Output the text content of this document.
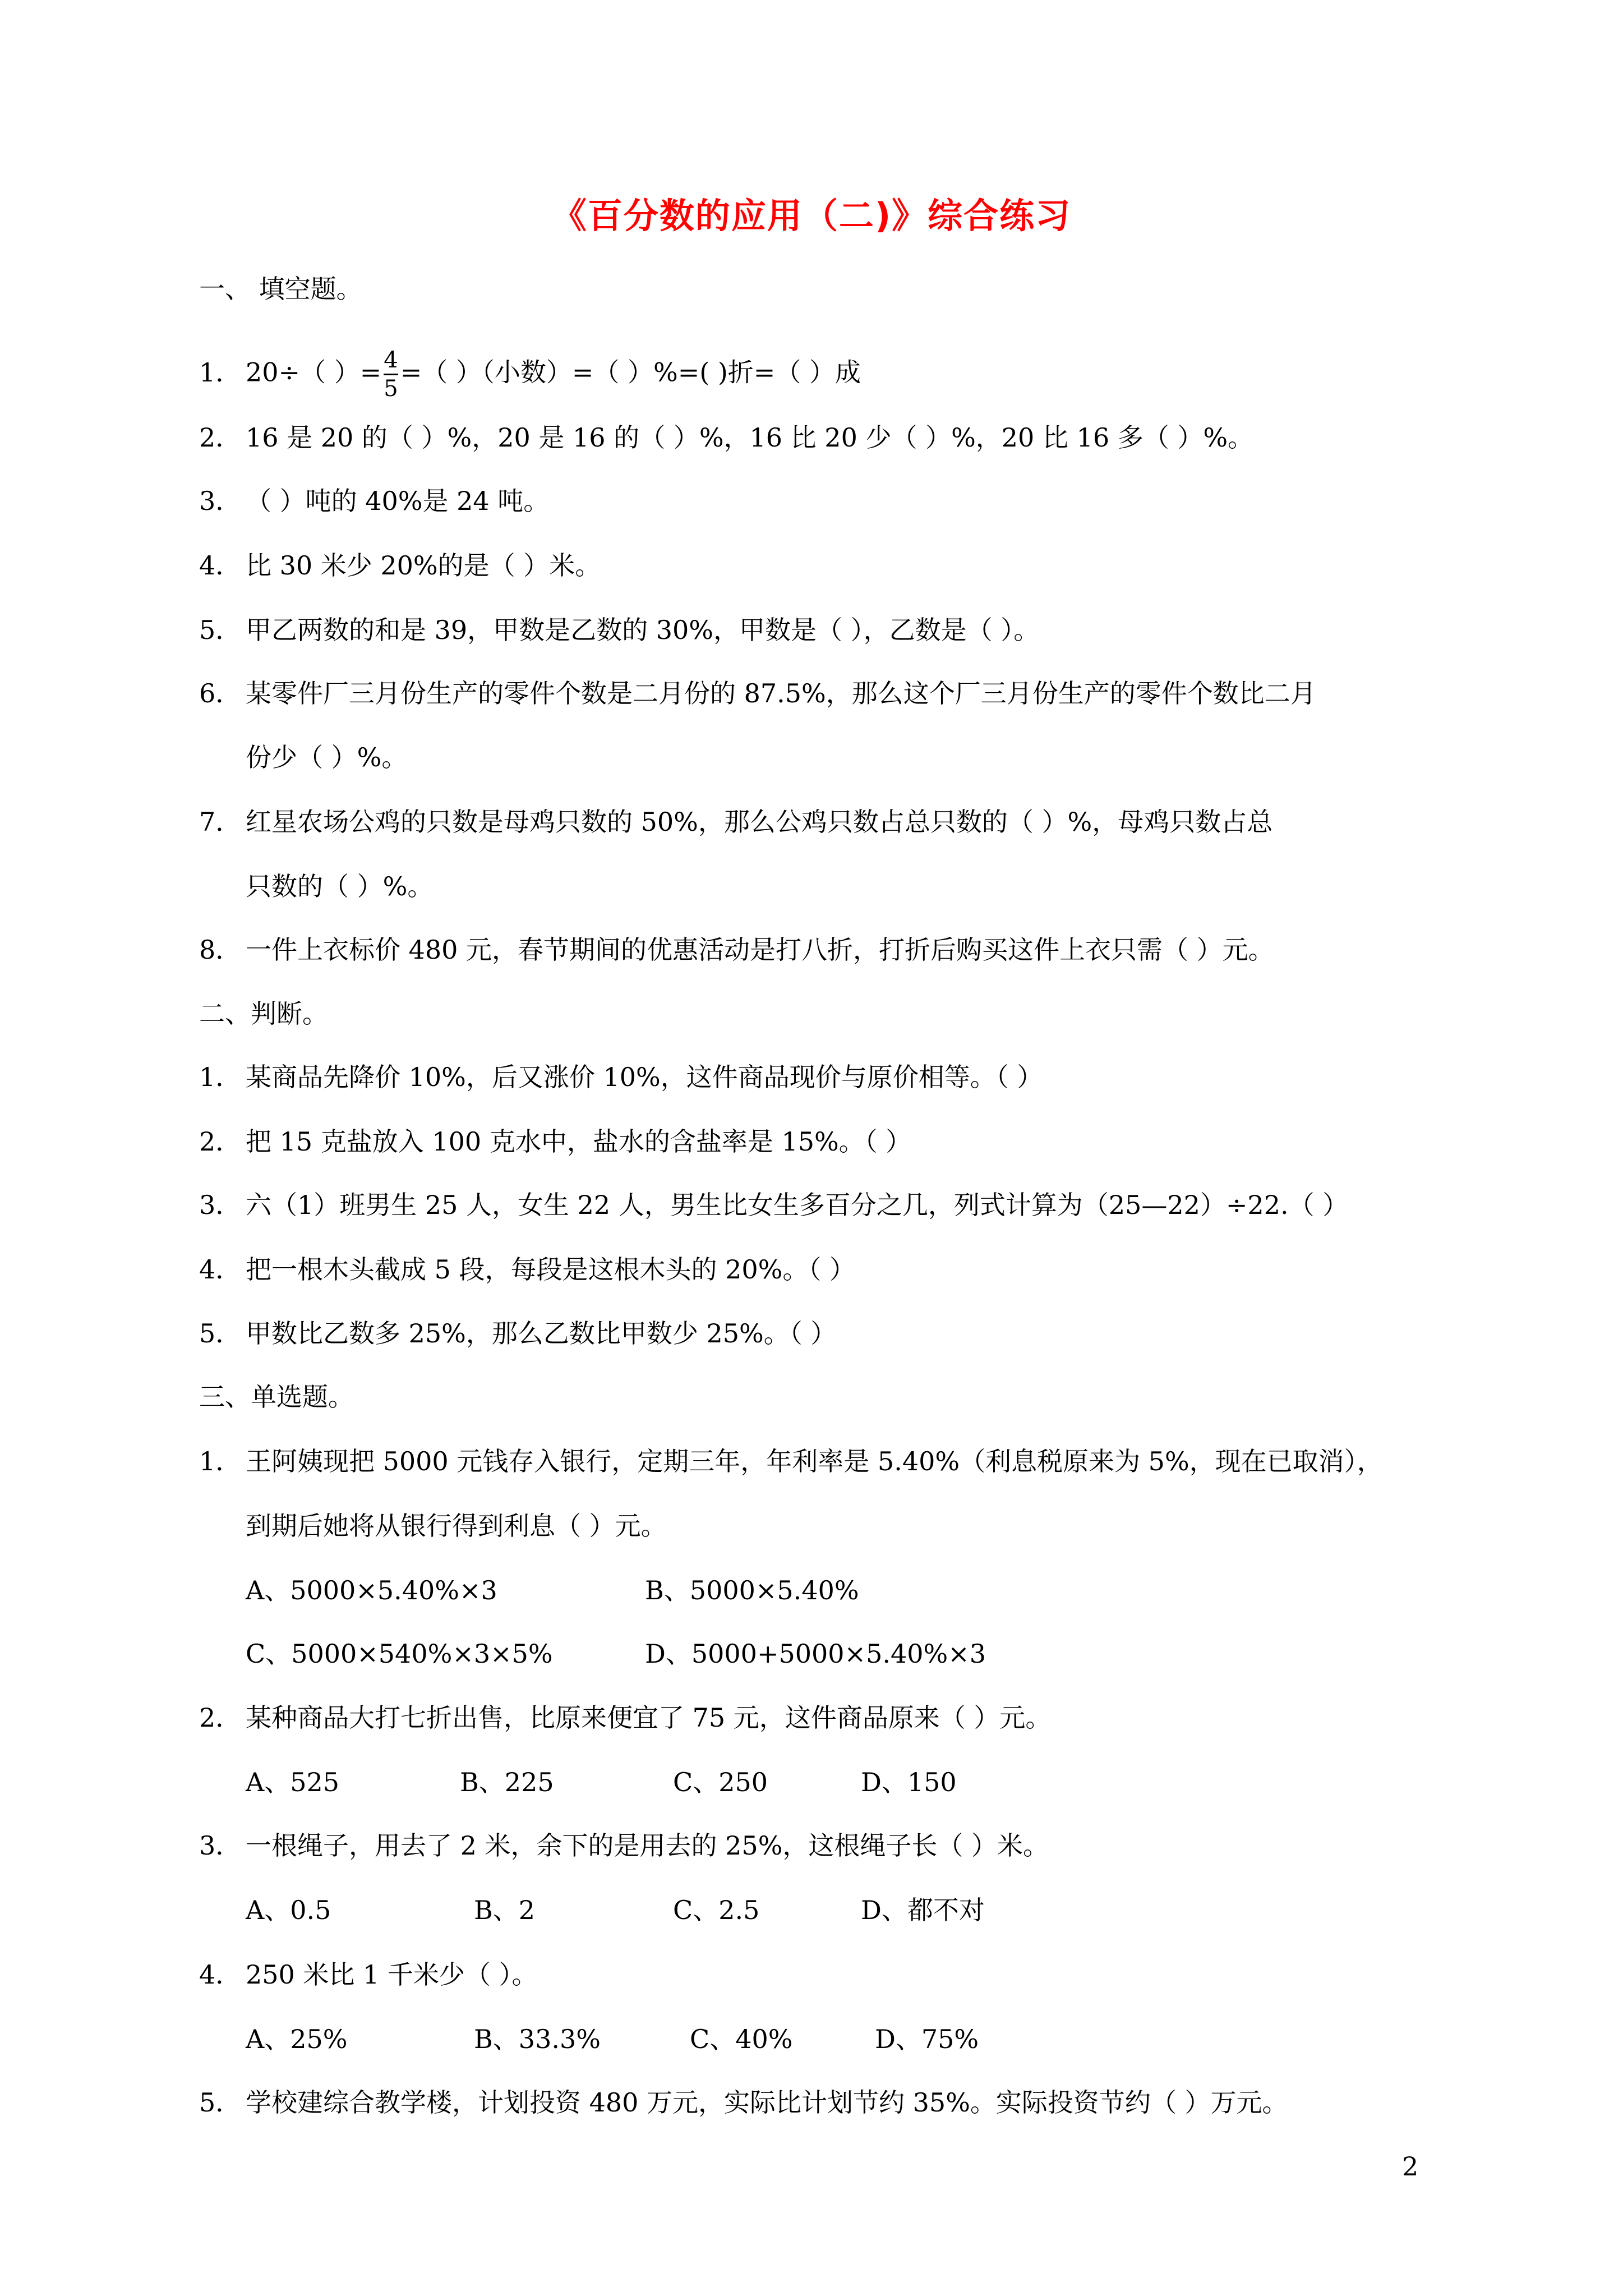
《百分数的应用（二)》综合练习
一、 填空题。
1． 20÷（ ）= $\frac{4}{5}$ =（ ）（小数）=（ ）%=( )折=（ ）成
2． 16 是 20 的（ ）%，20 是 16 的（ ）%，16 比 20 少（ ）%，20 比 16 多（ ）%。
3． （ ）吨的 40%是 24 吨。
4． 比 30 米少 20%的是（ ）米。
5． 甲乙两数的和是 39，甲数是乙数的 30%，甲数是（ ），乙数是（ ）。
6． 某零件厂三月份生产的零件个数是二月份的 87.5%，那么这个厂三月份生产的零件个数比二月
份少（ ）%。
7． 红星农场公鸡的只数是母鸡只数的 50%，那么公鸡只数占总只数的（ ）%，母鸡只数占总
只数的（ ）%。
8． 一件上衣标价 480 元，春节期间的优惠活动是打八折，打折后购买这件上衣只需（ ）元。
二、判断。
1． 某商品先降价 10%，后又涨价 10%，这件商品现价与原价相等。（ ）
2． 把 15 克盐放入 100 克水中，盐水的含盐率是 15%。（ ）
3． 六（1）班男生 25 人，女生 22 人，男生比女生多百分之几，列式计算为（25—22）÷22.（ ）
4． 把一根木头截成 5 段，每段是这根木头的 20%。（ ）
5． 甲数比乙数多 25%，那么乙数比甲数少 25%。（ ）
三、单选题。
1． 王阿姨现把 5000 元钱存入银行，定期三年，年利率是 5.40%（利息税原来为 5%，现在已取消），
到期后她将从银行得到利息（ ）元。
A、5000×5.40%×3	B、5000×5.40%
C、5000×540%×3×5%	D、5000+5000×5.40%×3
2． 某种商品大打七折出售，比原来便宜了 75 元，这件商品原来（ ）元。
A、525	B、225	C、250	D、150
3． 一根绳子，用去了 2 米，余下的是用去的 25%，这根绳子长（ ）米。
A、0.5	B、2	C、2.5	D、都不对
4． 250 米比 1 千米少（ ）。
A、25%	B、33.3%	C、40%	D、75%
5． 学校建综合教学楼，计划投资 480 万元，实际比计划节约 35%。实际投资节约（ ）万元。
2
